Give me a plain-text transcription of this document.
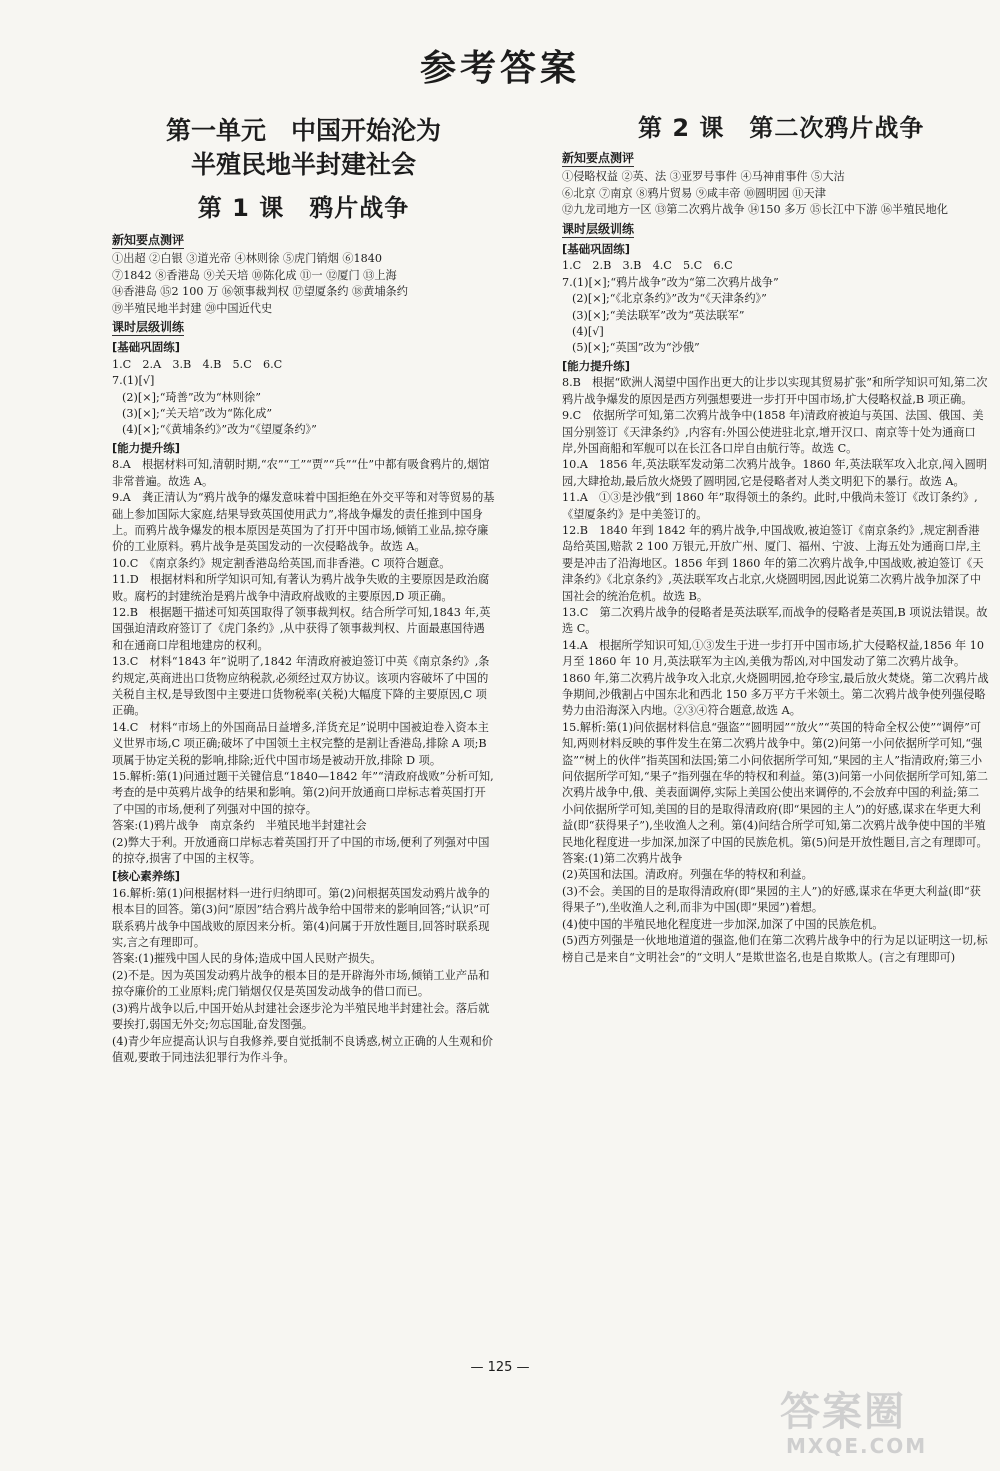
参考答案
第一单元　中国开始沦为
半殖民地半封建社会
第 1 课　鸦片战争
新知要点测评
①出超 ②白银 ③道光帝 ④林则徐 ⑤虎门销烟 ⑥1840
⑦1842 ⑧香港岛 ⑨关天培 ⑩陈化成 ⑪一 ⑫厦门 ⑬上海
⑭香港岛 ⑮2 100 万 ⑯领事裁判权 ⑰望厦条约 ⑱黄埔条约
⑲半殖民地半封建 ⑳中国近代史
课时层级训练
[基础巩固练]
1.C　2.A　3.B　4.B　5.C　6.C
7.(1)[√]
(2)[×];“琦善”改为“林则徐”
(3)[×];“关天培”改为“陈化成”
(4)[×];“《黄埔条约》”改为“《望厦条约》”
[能力提升练]
8.A　根据材料可知,清朝时期,“农”“工”“贾”“兵”“仕”中都有吸食鸦片的,烟馆非常普遍。故选 A。
9.A　龚正清认为“鸦片战争的爆发意味着中国拒绝在外交平等和对等贸易的基础上参加国际大家庭,结果导致英国使用武力”,将战争爆发的责任推到中国身上。而鸦片战争爆发的根本原因是英国为了打开中国市场,倾销工业品,掠夺廉价的工业原料。鸦片战争是英国发动的一次侵略战争。故选 A。
10.C　《南京条约》规定割香港岛给英国,而非香港。C 项符合题意。
11.D　根据材料和所学知识可知,有著认为鸦片战争失败的主要原因是政治腐败。腐朽的封建统治是鸦片战争中清政府战败的主要原因,D 项正确。
12.B　根据题干描述可知英国取得了领事裁判权。结合所学可知,1843 年,英国强迫清政府签订了《虎门条约》,从中获得了领事裁判权、片面最惠国待遇和在通商口岸租地建房的权利。
13.C　材料“1843 年”说明了,1842 年清政府被迫签订中英《南京条约》,条约规定,英商进出口货物应纳税款,必须经过双方协议。该项内容破坏了中国的关税自主权,是导致图中主要进口货物税率(关税)大幅度下降的主要原因,C 项正确。
14.C　材料“市场上的外国商品日益增多,洋货充足”说明中国被迫卷入资本主义世界市场,C 项正确;破坏了中国领土主权完整的是割让香港岛,排除 A 项;B 项属于协定关税的影响,排除;近代中国市场是被动开放,排除 D 项。
15.解析:第(1)问通过题干关键信息“1840—1842 年”“清政府战败”分析可知,考查的是中英鸦片战争的结果和影响。第(2)问开放通商口岸标志着英国打开了中国的市场,便利了列强对中国的掠夺。
答案:(1)鸦片战争　南京条约　半殖民地半封建社会
(2)弊大于利。开放通商口岸标志着英国打开了中国的市场,便利了列强对中国的掠夺,损害了中国的主权等。
[核心素养练]
16.解析:第(1)问根据材料一进行归纳即可。第(2)问根据英国发动鸦片战争的根本目的回答。第(3)问“原因”结合鸦片战争给中国带来的影响回答;“认识”可联系鸦片战争中国战败的原因来分析。第(4)问属于开放性题目,回答时联系现实,言之有理即可。
答案:(1)摧残中国人民的身体;造成中国人民财产损失。
(2)不是。因为英国发动鸦片战争的根本目的是开辟海外市场,倾销工业产品和掠夺廉价的工业原料;虎门销烟仅仅是英国发动战争的借口而已。
(3)鸦片战争以后,中国开始从封建社会逐步沦为半殖民地半封建社会。落后就要挨打,弱国无外交;勿忘国耻,奋发图强。
(4)青少年应提高认识与自我修养,要自觉抵制不良诱惑,树立正确的人生观和价值观,要敢于同违法犯罪行为作斗争。
第 2 课　第二次鸦片战争
新知要点测评
①侵略权益 ②英、法 ③亚罗号事件 ④马神甫事件 ⑤大沽
⑥北京 ⑦南京 ⑧鸦片贸易 ⑨咸丰帝 ⑩圆明园 ⑪天津
⑫九龙司地方一区 ⑬第二次鸦片战争 ⑭150 多万 ⑮长江中下游 ⑯半殖民地化
课时层级训练
[基础巩固练]
1.C　2.B　3.B　4.C　5.C　6.C
7.(1)[×];“鸦片战争”改为“第二次鸦片战争”
(2)[×];“《北京条约》”改为“《天津条约》”
(3)[×];“美法联军”改为“英法联军”
(4)[√]
(5)[×];“英国”改为“沙俄”
[能力提升练]
8.B　根据“欧洲人渴望中国作出更大的让步以实现其贸易扩张”和所学知识可知,第二次鸦片战争爆发的原因是西方列强想要进一步打开中国市场,扩大侵略权益,B 项正确。
9.C　依据所学可知,第二次鸦片战争中(1858 年)清政府被迫与英国、法国、俄国、美国分别签订《天津条约》,内容有:外国公使进驻北京,增开汉口、南京等十处为通商口岸,外国商船和军舰可以在长江各口岸自由航行等。故选 C。
10.A　1856 年,英法联军发动第二次鸦片战争。1860 年,英法联军攻入北京,闯入圆明园,大肆抢劫,最后放火烧毁了圆明园,它是侵略者对人类文明犯下的暴行。故选 A。
11.A　①③是沙俄“到 1860 年”取得领土的条约。此时,中俄尚未签订《改订条约》,《望厦条约》是中美签订的。
12.B　1840 年到 1842 年的鸦片战争,中国战败,被迫签订《南京条约》,规定割香港岛给英国,赔款 2 100 万银元,开放广州、厦门、福州、宁波、上海五处为通商口岸,主要是冲击了沿海地区。1856 年到 1860 年的第二次鸦片战争,中国战败,被迫签订《天津条约》《北京条约》,英法联军攻占北京,火烧圆明园,因此说第二次鸦片战争加深了中国社会的统治危机。故选 B。
13.C　第二次鸦片战争的侵略者是英法联军,而战争的侵略者是英国,B 项说法错误。故选 C。
14.A　根据所学知识可知,①③发生于进一步打开中国市场,扩大侵略权益,1856 年 10 月至 1860 年 10 月,英法联军为主凶,美俄为帮凶,对中国发动了第二次鸦片战争。1860 年,第二次鸦片战争攻入北京,火烧圆明园,抢夺珍宝,最后放火焚烧。第二次鸦片战争期间,沙俄割占中国东北和西北 150 多万平方千米领土。第二次鸦片战争使列强侵略势力由沿海深入内地。②③④符合题意,故选 A。
15.解析:第(1)问依据材料信息“强盗”“圆明园”“放火”“英国的特命全权公使”“调停”可知,两则材料反映的事件发生在第二次鸦片战争中。第(2)问第一小问依据所学可知,“强盗”“树上的伙伴”指英国和法国;第二小问依据所学可知,“果园的主人”指清政府;第三小问依据所学可知,“果子”指列强在华的特权和利益。第(3)问第一小问依据所学可知,第二次鸦片战争中,俄、美表面调停,实际上美国公使出来调停的,不会放弃中国的利益;第二小问依据所学可知,美国的目的是取得清政府(即“果园的主人”)的好感,谋求在华更大利益(即“获得果子”),坐收渔人之利。第(4)问结合所学可知,第二次鸦片战争使中国的半殖民地化程度进一步加深,加深了中国的民族危机。第(5)问是开放性题目,言之有理即可。
答案:(1)第二次鸦片战争
(2)英国和法国。清政府。列强在华的特权和利益。
(3)不会。美国的目的是取得清政府(即“果园的主人”)的好感,谋求在华更大利益(即“获得果子”),坐收渔人之利,而非为中国(即“果园”)着想。
(4)使中国的半殖民地化程度进一步加深,加深了中国的民族危机。
(5)西方列强是一伙地地道道的强盗,他们在第二次鸦片战争中的行为足以证明这一切,标榜自己是来自“文明社会”的“文明人”是欺世盗名,也是自欺欺人。(言之有理即可)
— 125 —
答案圈
MXQE.COM
